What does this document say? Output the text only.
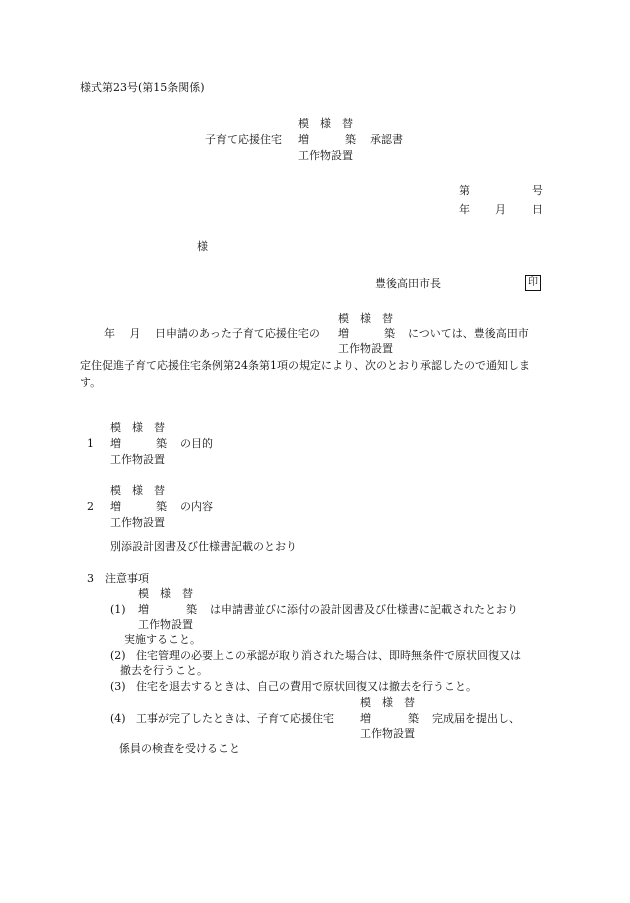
様式第23号(第15条関係)
模　様　替
子育て応援住宅 増	築 承認書
工作物設置
第	号
年 月 日
様
豊後高田市長	印
模　様　替
年　 月　 日申請のあった子育て応援住宅の 増	築 については、豊後高田市
工作物設置
定住促進子育て応援住宅条例第24条第1項の規定により、次のとおり承認したので通知しま
す。
模　様　替
1 増	築 の目的
工作物設置
模　様　替
2 増	築 の内容
工作物設置
別添設計図書及び仕様書記載のとおり
3　注意事項
模　様　替
(1) 増	築 は申請書並びに添付の設計図書及び仕様書に記載されたとおり
工作物設置
実施すること。
(2) 住宅管理の必要上この承認が取り消された場合は、即時無条件で原状回復又は
撤去を行うこと。
(3) 住宅を退去するときは、自己の費用で原状回復又は撤去を行うこと。
模　様　替
(4) 工事が完了したときは、子育て応援住宅 増	築 完成届を提出し、
工作物設置
係員の検査を受けること
